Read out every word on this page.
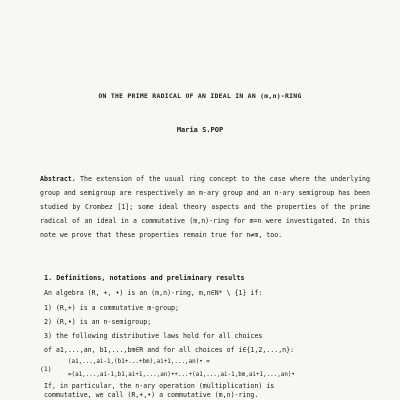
ON THE PRIME RADICAL OF AN IDEAL IN AN (m,n)-RING
Maria S.POP
Abstract. The extension of the usual ring concept to the case where the underlying group and semigroup are respectively an m-ary group and an n-ary semigroup has been studied by Crombez [1]; some ideal theory aspects and the properties of the prime radical of an ideal in a commutative (m,n)-ring for m=n were investigated. In this note we prove that these properties remain true for n≠m, too.
1. Definitions, notations and preliminary results
An algebra (R, +, •) is an (m,n)-ring, m,n∈N* \ {1} if:
1) (R,+) is a commutative m-group;
2) (R,•) is an n-semigroup;
3) the following distributive laws hold for all choices
of a1,...,an, b1,...,bm∈R and for all choices of i∈{1,2,...,n}:
(1)
(a1,...,ai-1,(b1+...+bm),ai+1,...,an)• =
=(a1,...,ai-1,b1,ai+1,...,an)•+...+(a1,...,ai-1,bm,ai+1,...,an)•
If, in particular, the n-ary operation (multiplication) is
commutative, we call (R,+,•) a commutative (m,n)-ring.
